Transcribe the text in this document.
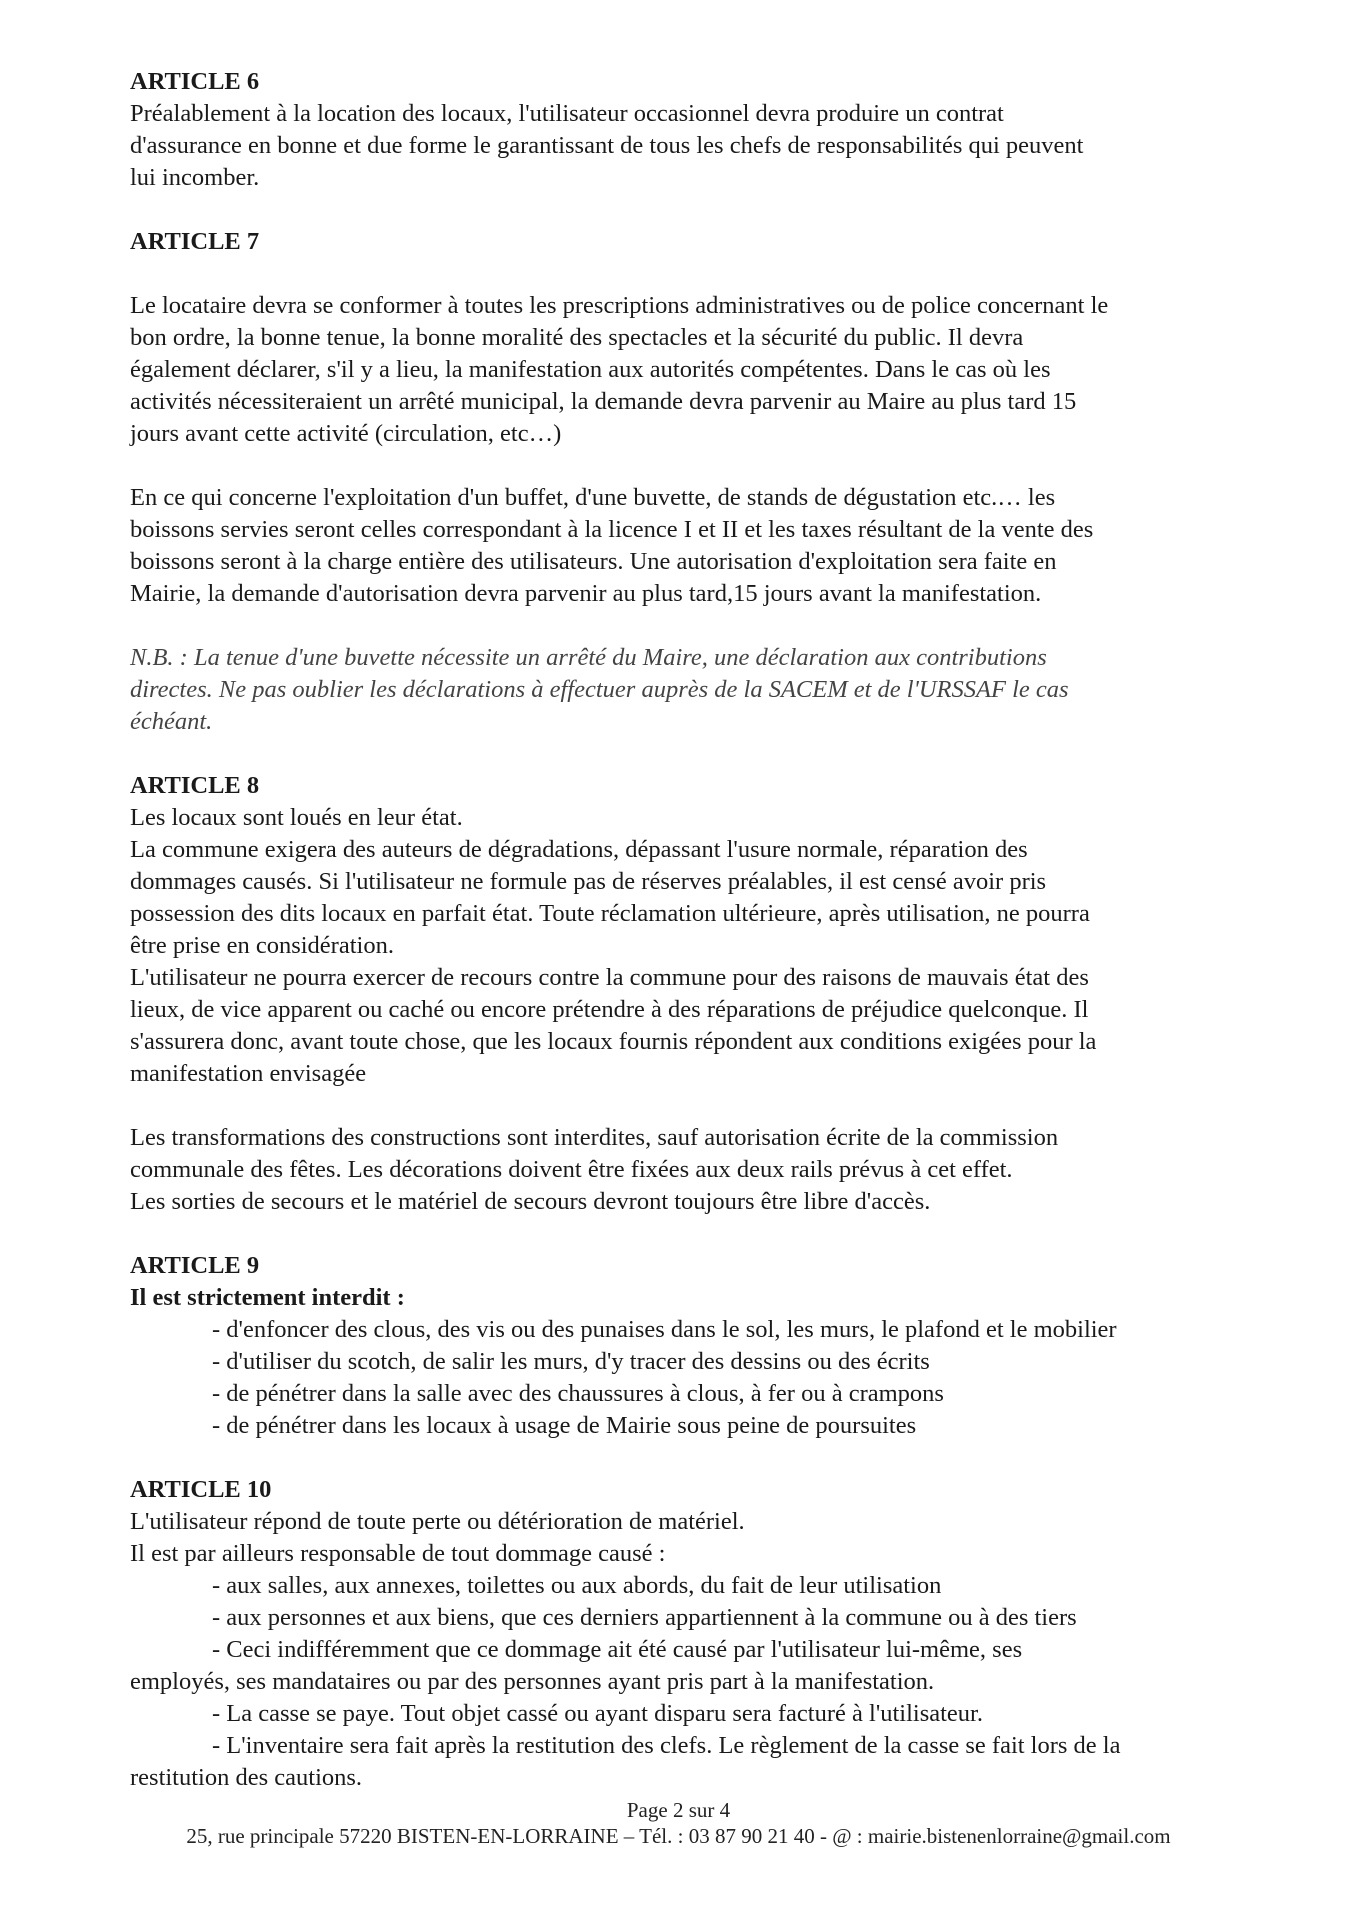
ARTICLE 6

Préalablement à la location des locaux, l'utilisateur occasionnel devra produire un contrat

d'assurance en bonne et due forme le garantissant de tous les chefs de responsabilités qui peuvent

lui incomber.

ARTICLE 7

Le locataire devra se conformer à toutes les prescriptions administratives ou de police concernant le

bon ordre, la bonne tenue, la bonne moralité des spectacles et la sécurité du public. Il devra

également déclarer, s'il y a lieu, la manifestation aux autorités compétentes. Dans le cas où les

activités nécessiteraient un arrêté municipal, la demande devra parvenir au Maire au plus tard 15

jours avant cette activité (circulation, etc…)

En ce qui concerne l'exploitation d'un buffet, d'une buvette, de stands de dégustation etc.… les

boissons servies seront celles correspondant à la licence I et II et les taxes résultant de la vente des

boissons seront à la charge entière des utilisateurs. Une autorisation d'exploitation sera faite en

Mairie, la demande d'autorisation devra parvenir au plus tard,15 jours avant la manifestation.

N.B. : La tenue d'une buvette nécessite un arrêté du Maire, une déclaration aux contributions

directes. Ne pas oublier les déclarations à effectuer auprès de la SACEM et de l'URSSAF le cas

échéant.

ARTICLE 8

Les locaux sont loués en leur état.

La commune exigera des auteurs de dégradations, dépassant l'usure normale, réparation des

dommages causés. Si l'utilisateur ne formule pas de réserves préalables, il est censé avoir pris

possession des dits locaux en parfait état. Toute réclamation ultérieure, après utilisation, ne pourra

être prise en considération.

L'utilisateur ne pourra exercer de recours contre la commune pour des raisons de mauvais état des

lieux, de vice apparent ou caché ou encore prétendre à des réparations de préjudice quelconque. Il

s'assurera donc, avant toute chose, que les locaux fournis répondent aux conditions exigées pour la

manifestation envisagée

Les transformations des constructions sont interdites, sauf autorisation écrite de la commission

communale des fêtes. Les décorations doivent être fixées aux deux rails prévus à cet effet.

Les sorties de secours et le matériel de secours devront toujours être libre d'accès.

ARTICLE 9

Il est strictement interdit :

- d'enfoncer des clous, des vis ou des punaises dans le sol, les murs, le plafond et le mobilier

- d'utiliser du scotch, de salir les murs, d'y tracer des dessins ou des écrits

- de pénétrer dans la salle avec des chaussures à clous, à fer ou à crampons

- de pénétrer dans les locaux à usage de Mairie sous peine de poursuites

ARTICLE 10

L'utilisateur répond de toute perte ou détérioration de matériel.

Il est par ailleurs responsable de tout dommage causé :

- aux salles, aux annexes, toilettes ou aux abords, du fait de leur utilisation

- aux personnes et aux biens, que ces derniers appartiennent à la commune ou à des tiers

- Ceci indifféremment que ce dommage ait été causé par l'utilisateur lui-même, ses

employés, ses mandataires ou par des personnes ayant pris part à la manifestation.

- La casse se paye. Tout objet cassé ou ayant disparu sera facturé à l'utilisateur.

- L'inventaire sera fait après la restitution des clefs. Le règlement de la casse se fait lors de la

restitution des cautions.

Page 2 sur 4
25, rue principale 57220 BISTEN-EN-LORRAINE – Tél. : 03 87 90 21 40 - @ : mairie.bistenenlorraine@gmail.com
